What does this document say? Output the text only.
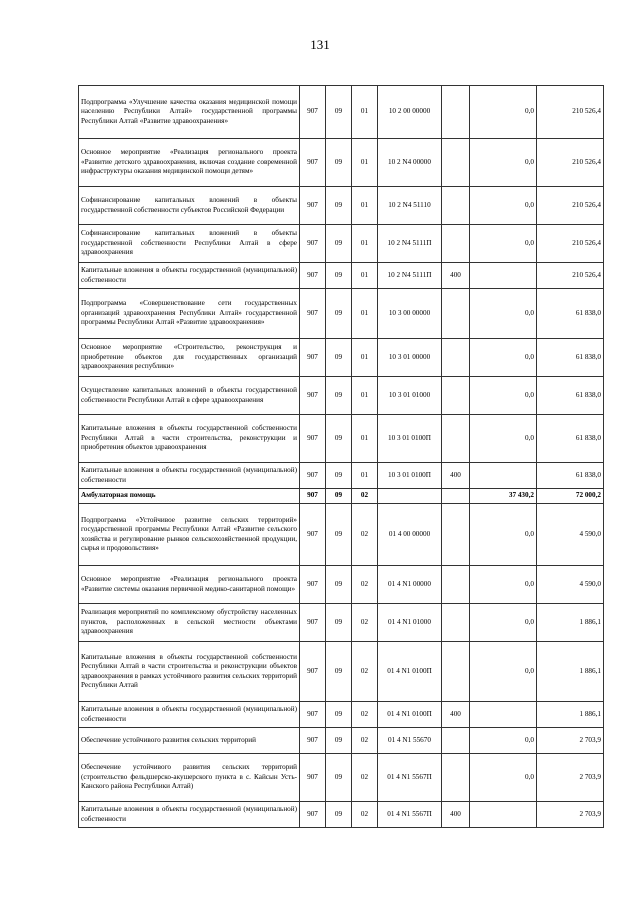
131
Подпрограмма «Улучшение качества оказания медицинской помощи населению Республики Алтай» государственной программы Республики Алтай «Развитие здравоохранения»	907	09	01	10 2 00 00000		0,0	210 526,4
Основное мероприятие «Реализация регионального проекта «Развитие детского здравоохранения, включая создание современной инфраструктуры оказания медицинской помощи детям»	907	09	01	10 2 N4 00000		0,0	210 526,4
Софинансирование капитальных вложений в объекты государственной собственности субъектов Российской Федерации	907	09	01	10 2 N4 51110		0,0	210 526,4
Софинансирование капитальных вложений в объекты государственной собственности Республики Алтай в сфере здравоохранения	907	09	01	10 2 N4 5111П		0,0	210 526,4
Капитальные вложения в объекты государственной (муниципальной) собственности	907	09	01	10 2 N4 5111П	400		210 526,4
Подпрограмма «Совершенствование сети государственных организаций здравоохранения Республики Алтай» государственной программы Республики Алтай «Развитие здравоохранения»	907	09	01	10 3 00 00000		0,0	61 838,0
Основное мероприятие «Строительство, реконструкция и приобретение объектов для государственных организаций здравоохранения республики»	907	09	01	10 3 01 00000		0,0	61 838,0
Осуществление капитальных вложений в объекты государственной собственности Республики Алтай в сфере здравоохранения	907	09	01	10 3 01 01000		0,0	61 838,0
Капитальные вложения в объекты государственной собственности Республики Алтай в части строительства, реконструкции и приобретения объектов здравоохранения	907	09	01	10 3 01 0100П		0,0	61 838,0
Капитальные вложения в объекты государственной (муниципальной) собственности	907	09	01	10 3 01 0100П	400		61 838,0
Амбулаторная помощь	907	09	02			37 430,2	72 000,2
Подпрограмма «Устойчивое развитие сельских территорий» государственной программы Республики Алтай «Развитие сельского хозяйства и регулирование рынков сельскохозяйственной продукции, сырья и продовольствия»	907	09	02	01 4 00 00000		0,0	4 590,0
Основное мероприятие «Реализация регионального проекта «Развитие системы оказания первичной медико-санитарной помощи»	907	09	02	01 4 N1 00000		0,0	4 590,0
Реализация мероприятий по комплексному обустройству населенных пунктов, расположенных в сельской местности объектами здравоохранения	907	09	02	01 4 N1 01000		0,0	1 886,1
Капитальные вложения в объекты государственной собственности Республики Алтай в части строительства и реконструкции объектов здравоохранения в рамках устойчивого развития сельских территорий Республики Алтай	907	09	02	01 4 N1 0100П		0,0	1 886,1
Капитальные вложения в объекты государственной (муниципальной) собственности	907	09	02	01 4 N1 0100П	400		1 886,1
Обеспечение устойчивого развития сельских территорий	907	09	02	01 4 N1 55670		0,0	2 703,9
Обеспечение устойчивого развития сельских территорий (строительство фельдшерско-акушерского пункта в с. Кайсын Усть-Канского района Республики Алтай)	907	09	02	01 4 N1 5567П		0,0	2 703,9
Капитальные вложения в объекты государственной (муниципальной) собственности	907	09	02	01 4 N1 5567П	400		2 703,9
